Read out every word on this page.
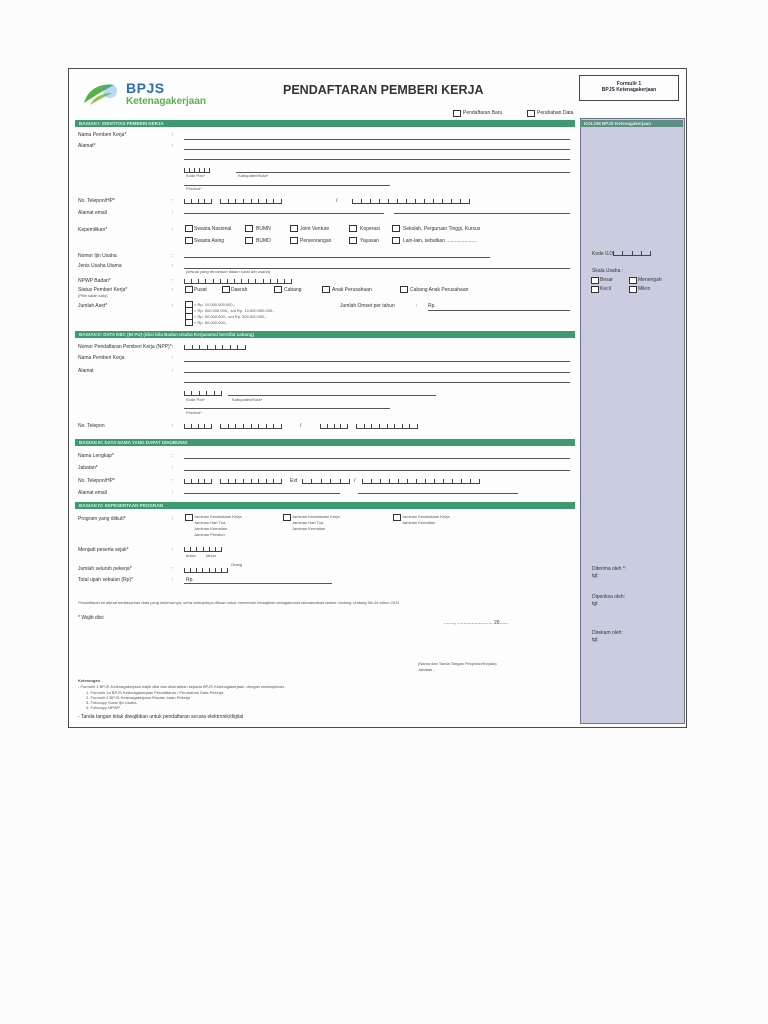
BPJS
Ketenagakerjaan
PENDAFTARAN PEMBERI KERJA	Formulir 1
BPJS Ketenagakerjaan
Pendaftaran Baru	Perubahan Data
KOLOM BPJS Ketenagakerjaan
Kode ILO:
Skala Usaha :
Besar	Menengah
Kecil	Mikro
Diterima oleh *:
tgl:
Diperiksa oleh:
tgl:
Direkam oleh:
tgl:
BAGIAN I: IDENTITAS PEMBERI KERJA
Nama Pemberi Kerja*	:
Alamat*	:
Kode Pos*	Kabupaten/Kota*
Provinsi*
No. Telepon/HP*	:	/
Alamat email	:
Kepemilikan*	:	Swasta Nasional	BUMN	Joint Venture	Koperasi	Sekolah, Perguruan Tinggi, Kursus
Swasta Asing	BUMD	Perseorangan	Yayasan	Lain-lain, sebutkan ......................
Nomor Ijin Usaha	:
Jenis Usaha Utama	:
(sesuai yang tercantum dalam surat izin usaha)
NPWP Badan*	:
Status Pemberi Kerja*
(Pilih salah satu)
:	Pusat	Daerah	Cabang	Anak Perusahaan	Cabang Anak Perusahaan
Jumlah Aset*	:	> Rp. 10.000.000.000,-
> Rp. 500.000.000,- s/d Rp. 10.000.000.000,-
> Rp. 50.000.000,- s/d Rp. 500.000.000,-
< Rp. 50.000.000,-
Jumlah Omset per tahun	: Rp.
BAGIAN II: DATA KBC (BI PU) (diisi bila Badan Usaha Kerjasama/ bersifat cabang)
Nomor Pendaftaran Pemberi Kerja (NPP)* :
Nama Pemberi Kerja	:
Alamat	:
Kode Pos*	Kabupaten/Kota*
Provinsi*
No. Telepon	:	/
BAGIAN III: DATA NAMA YANG DAPAT DIHUBUNGI
Nama Lengkap*	:
Jabatan*	:
No. Telepon/HP*	:	Ext	/
Alamat email	:
BAGIAN IV: KEPESERTAAN PROGRAM
Program yang diikuti*	:	Jaminan Kecelakaan Kerja
Jaminan Hari Tua
Jaminan Kematian
Jaminan Pensiun
Jaminan Kecelakaan Kerja
Jaminan Hari Tua
Jaminan Kematian
Jaminan Kecelakaan Kerja
Jaminan Kematian
Menjadi peserta sejak*	:
bulan	tahun
Jumlah seluruh pekerja*	:
Orang
Total upah sebulan (Rp)*	:	Rp.
Pendaftaran ini dibuat berdasarkan data yang sebenarnya, serta selanjutnya dibuat untuk memenuhi kewajiban sebagaimana diamanatkan dalam Undang-Undang No.24 tahun 2011
* Wajib diisi
........, ......................... 20......
(Nama dan Tanda Tangan Pimpinan/Kepala)
Jabatan :
Keterangan
- Formulir 1 BPJS Ketenagakerjaan wajib diisi dan diserahkan kepada BPJS Ketenagakerjaan, dengan melampirkan :
1. Formulir 1a BPJS Ketenagakerjaan Pendaftaran / Perubahan Data Pekerja
2. Formulir 2 BPJS Ketenagakerjaan Rincian Iuran Pekerja
3. Fotocopy Surat Ijin Usaha
4. Fotocopy NPWP
- Tanda tangan tidak diwajibkan untuk pendaftaran secara elektronik/digital
